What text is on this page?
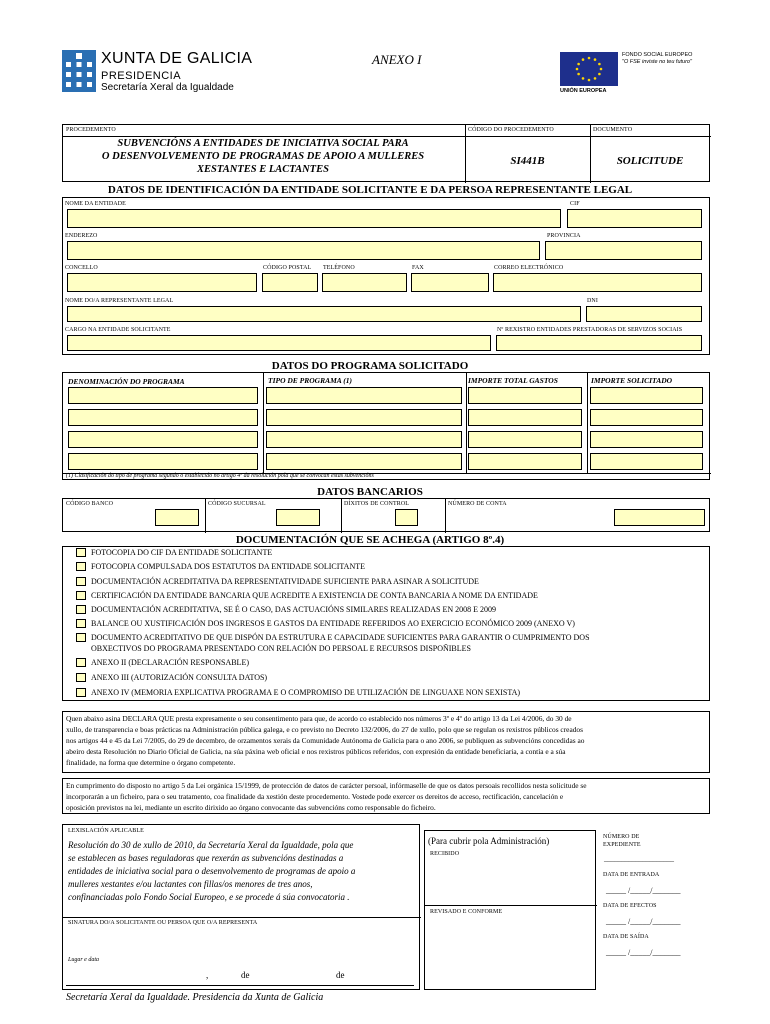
XUNTA DE GALICIA
PRESIDENCIA
Secretaría Xeral da Igualdade
ANEXO I	FONDO SOCIAL EUROPEO
"O FSE inviste no teu futuro"
UNIÓN EUROPEA
PROCEDEMENTO
SUBVENCIÓNS A ENTIDADES DE INICIATIVA SOCIAL PARA
O DESENVOLVEMENTO DE PROGRAMAS DE APOIO A MULLERES
XESTANTES E LACTANTES
CÓDIGO DO PROCEDEMENTO
SI441B
DOCUMENTO
SOLICITUDE
DATOS DE IDENTIFICACIÓN DA ENTIDADE SOLICITANTE E DA PERSOA REPRESENTANTE LEGAL
NOME DA ENTIDADE	CIF
ENDEREZO	PROVINCIA
CONCELLO	CÓDIGO POSTAL TELÉFONO	FAX	CORREO ELECTRÓNICO
NOME DO/A REPRESENTANTE LEGAL	DNI
CARGO NA ENTIDADE SOLICITANTE	Nº REXISTRO ENTIDADES PRESTADORAS DE SERVIZOS SOCIAIS
DATOS DO PROGRAMA SOLICITADO
DENOMINACIÓN DO PROGRAMA	TIPO DE PROGRAMA (1)	IMPORTE TOTAL GASTOS	IMPORTE SOLICITADO
(1) Clasificación do tipo de programa segundo o establecido no artigo 4º da resolución pola que se convocan estas subvencións
DATOS BANCARIOS
CÓDIGO BANCO	CÓDIGO SUCURSAL	DÍXITOS DE CONTROL	NÚMERO DE CONTA
DOCUMENTACIÓN QUE SE ACHEGA (ARTIGO 8º.4)
FOTOCOPIA DO CIF DA ENTIDADE SOLICITANTE
FOTOCOPIA COMPULSADA DOS ESTATUTOS DA ENTIDADE SOLICITANTE
DOCUMENTACIÓN ACREDITATIVA DA REPRESENTATIVIDADE SUFICIENTE PARA ASINAR A SOLICITUDE
CERTIFICACIÓN DA ENTIDADE BANCARIA QUE ACREDITE A EXISTENCIA DE CONTA BANCARIA A NOME DA ENTIDADE
DOCUMENTACIÓN ACREDITATIVA, SE É O CASO, DAS ACTUACIÓNS SIMILARES REALIZADAS EN 2008 E 2009
BALANCE OU XUSTIFICACIÓN DOS INGRESOS E GASTOS DA ENTIDADE REFERIDOS AO EXERCICIO ECONÓMICO 2009 (ANEXO V)
DOCUMENTO ACREDITATIVO DE QUE DISPÓN DA ESTRUTURA E CAPACIDADE SUFICIENTES PARA GARANTIR O CUMPRIMENTO DOS
OBXECTIVOS DO PROGRAMA PRESENTADO CON RELACIÓN DO PERSOAL E RECURSOS DISPOÑIBLES
ANEXO II (DECLARACIÓN RESPONSABLE)
ANEXO III (AUTORIZACIÓN CONSULTA DATOS)
ANEXO IV (MEMORIA EXPLICATIVA PROGRAMA E O COMPROMISO DE UTILIZACIÓN DE LINGUAXE NON SEXISTA)
Quen abaixo asina DECLARA QUE presta expresamente o seu consentimento para que, de acordo co establecido nos números 3º e 4º do artigo 13 da Lei 4/2006, do 30 de
xullo, de transparencia e boas prácticas na Administración pública galega, e co previsto no Decreto 132/2006, do 27 de xullo, polo que se regulan os rexistros públicos creados
nos artigos 44 e 45 da Lei 7/2005, do 29 de decembro, de orzamentos xerais da Comunidade Autónoma de Galicia para o ano 2006, se publiquen as subvencións concedidas ao
abeiro desta Resolución no Diario Oficial de Galicia, na súa páxina web oficial e nos rexistros públicos referidos, con expresión da entidade beneficiaria, a contía e a súa
finalidade, na forma que determine o órgano competente.
En cumprimento do disposto no artigo 5 da Lei orgánica 15/1999, de protección de datos de carácter persoal, infórmaselle de que os datos persoais recollidos nesta solicitude se
incorporarán a un ficheiro, para o seu tratamento, coa finalidade da xestión deste procedemento. Vostede pode exercer os dereitos de acceso, rectificación, cancelación e
oposición previstos na lei, mediante un escrito dirixido ao órgano convocante das subvencións como responsable do ficheiro.
LEXISLACIÓN APLICABLE
Resolución do 30 de xullo de 2010, da Secretaría Xeral da Igualdade, pola que
se establecen as bases reguladoras que rexerán as subvencións destinadas a
entidades de iniciativa social para o desenvolvemento de programas de apoio a
mulleres xestantes e/ou lactantes con fillas/os menores de tres anos,
confinanciadas polo Fondo Social Europeo, e se procede á súa convocatoria .
SINATURA DO/A SOLICITANTE OU PERSOA QUE O/A REPRESENTA
Lugar e data
,	de	de
(Para cubrir pola Administración)
RECIBIDO
REVISADO E CONFORME
NÚMERO DE EXPEDIENTE
____________________
DATA DE ENTRADA
_____ /_____/_______
DATA DE EFECTOS
_____ /_____/_______
DATA DE SAÍDA
_____ /_____/_______
Secretaría Xeral da Igualdade. Presidencia da Xunta de Galicia
